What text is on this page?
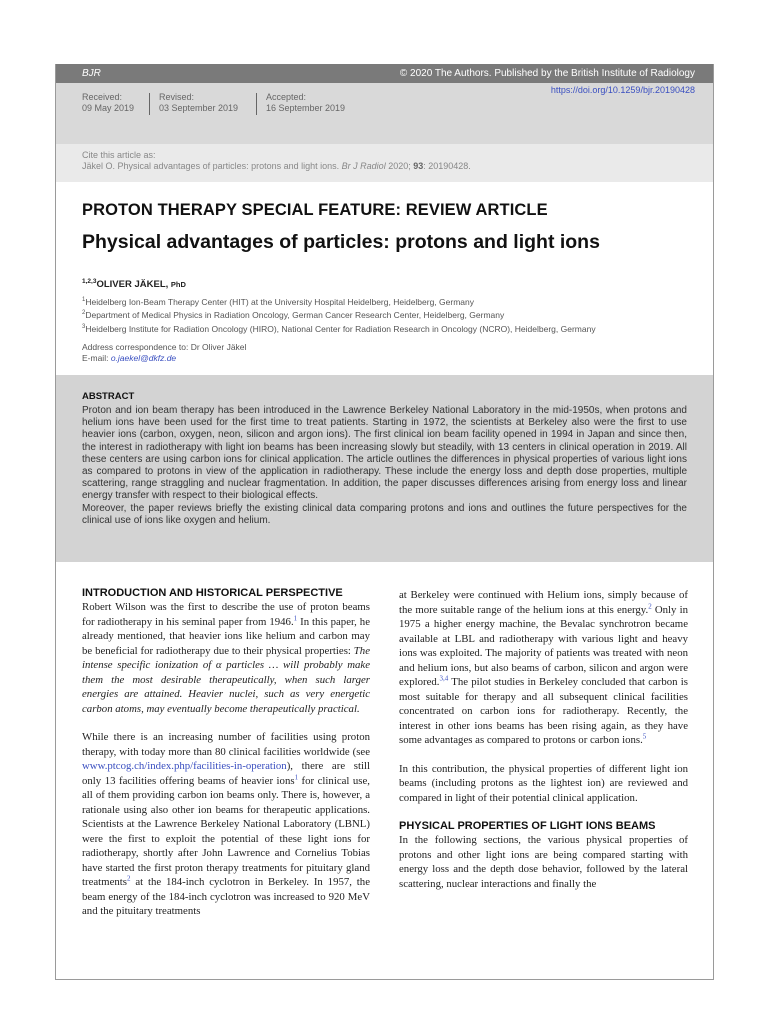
BJR	© 2020 The Authors. Published by the British Institute of Radiology
Received:
09 May 2019
Revised:
03 September 2019
Accepted:
16 September 2019
https://doi.org/10.1259/bjr.20190428
Cite this article as:
Jäkel O. Physical advantages of particles: protons and light ions. Br J Radiol 2020; 93: 20190428.
PROTON THERAPY SPECIAL FEATURE: REVIEW ARTICLE
Physical advantages of particles: protons and light ions
$^{1,2,3}$OLIVER JÄKEL, PhD
$^1$Heidelberg Ion-Beam Therapy Center (HIT) at the University Hospital Heidelberg, Heidelberg, Germany
$^2$Department of Medical Physics in Radiation Oncology, German Cancer Research Center, Heidelberg, Germany
$^3$Heidelberg Institute for Radiation Oncology (HIRO), National Center for Radiation Research in Oncology (NCRO), Heidelberg, Germany
Address correspondence to: Dr Oliver Jäkel
E-mail: o.jaekel@dkfz.de
ABSTRACT

Proton and ion beam therapy has been introduced in the Lawrence Berkeley National Laboratory in the mid-1950s, when protons and helium ions have been used for the first time to treat patients. Starting in 1972, the scientists at Berkeley also were the first to use heavier ions (carbon, oxygen, neon, silicon and argon ions). The first clinical ion beam facility opened in 1994 in Japan and since then, the interest in radiotherapy with light ion beams has been increasing slowly but steadily, with 13 centers in clinical operation in 2019. All these centers are using carbon ions for clinical application. The article outlines the differences in physical properties of various light ions as compared to protons in view of the application in radiotherapy. These include the energy loss and depth dose properties, multiple scattering, range straggling and nuclear fragmentation. In addition, the paper discusses differences arising from energy loss and linear energy transfer with respect to their biological effects.

Moreover, the paper reviews briefly the existing clinical data comparing protons and ions and outlines the future perspectives for the clinical use of ions like oxygen and helium.

INTRODUCTION AND HISTORICAL PERSPECTIVE

Robert Wilson was the first to describe the use of proton beams for radiotherapy in his seminal paper from 1946.$^1$ In this paper, he already mentioned, that heavier ions like helium and carbon may be beneficial for radiotherapy due to their physical properties: The intense specific ionization of α particles … will probably make them the most desirable therapeutically, when such larger energies are attained. Heavier nuclei, such as very energetic carbon atoms, may eventually become therapeutically practical.

While there is an increasing number of facilities using proton therapy, with today more than 80 clinical facilities worldwide (see www.ptcog.ch/index.php/facilities-in-operation), there are still only 13 facilities offering beams of heavier ions$^1$ for clinical use, all of them providing carbon ion beams only. There is, however, a rationale using also other ion beams for therapeutic applications. Scientists at the Lawrence Berkeley National Laboratory (LBNL) were the first to exploit the potential of these light ions for radiotherapy, shortly after John Lawrence and Cornelius Tobias have started the first proton therapy treatments for pituitary gland treatments$^2$ at the 184-inch cyclotron in Berkeley. In 1957, the beam energy of the 184-inch cyclotron was increased to 920 MeV and the pituitary treatments

at Berkeley were continued with Helium ions, simply because of the more suitable range of the helium ions at this energy.$^2$ Only in 1975 a higher energy machine, the Bevalac synchrotron became available at LBL and radiotherapy with various light and heavy ions was exploited. The majority of patients was treated with neon and helium ions, but also beams of carbon, silicon and argon were explored.$^{3,4}$ The pilot studies in Berkeley concluded that carbon is most suitable for therapy and all subsequent clinical facilities concentrated on carbon ions for radiotherapy. Recently, the interest in other ions beams has been rising again, as they have some advantages as compared to protons or carbon ions.$^5$

In this contribution, the physical properties of different light ion beams (including protons as the lightest ion) are reviewed and compared in light of their potential clinical application.

PHYSICAL PROPERTIES OF LIGHT IONS BEAMS

In the following sections, the various physical properties of protons and other light ions are being compared starting with energy loss and the depth dose behavior, followed by the lateral scattering, nuclear interactions and finally the
